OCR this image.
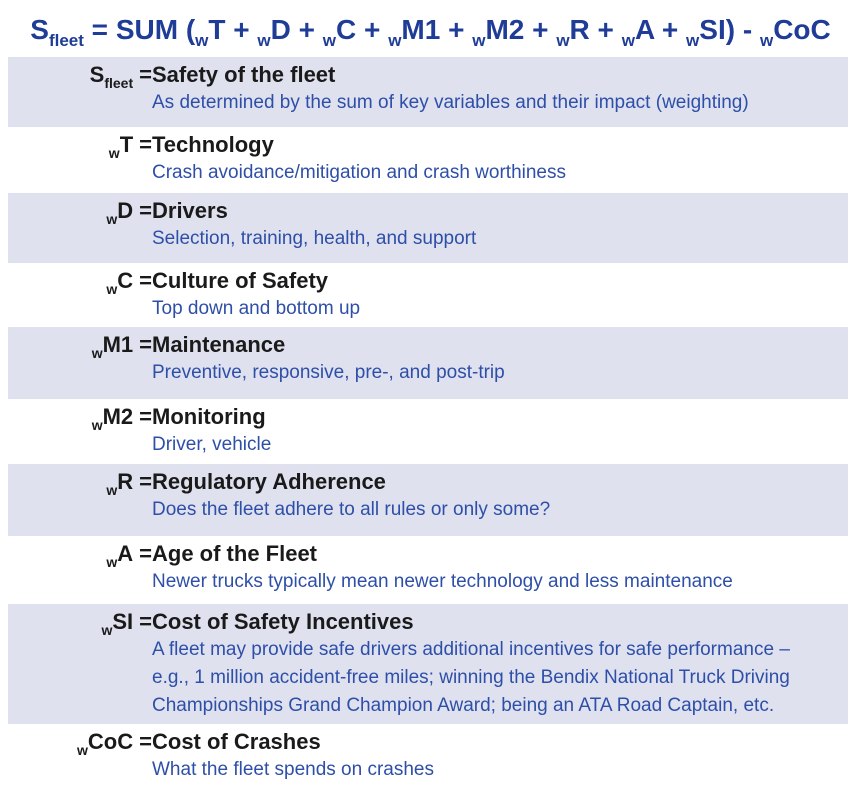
$S_{fleet}$ = SUM $(_wT + _wD + _wC + _wM1 + _wM2 + _wR + _wA + _wSI) - _wCoC$
$S_{fleet}$ = Safety of the fleet
As determined by the sum of key variables and their impact (weighting)
$_w$T = Technology
Crash avoidance/mitigation and crash worthiness
$_w$D = Drivers
Selection, training, health, and support
$_w$C = Culture of Safety
Top down and bottom up
$_w$M1 = Maintenance
Preventive, responsive, pre-, and post-trip
$_w$M2 = Monitoring
Driver, vehicle
$_w$R = Regulatory Adherence
Does the fleet adhere to all rules or only some?
$_w$A = Age of the Fleet
Newer trucks typically mean newer technology and less maintenance
$_w$SI = Cost of Safety Incentives
A fleet may provide safe drivers additional incentives for safe performance –
e.g., 1 million accident-free miles; winning the Bendix National Truck Driving
Championships Grand Champion Award; being an ATA Road Captain, etc.
$_w$CoC = Cost of Crashes
What the fleet spends on crashes
